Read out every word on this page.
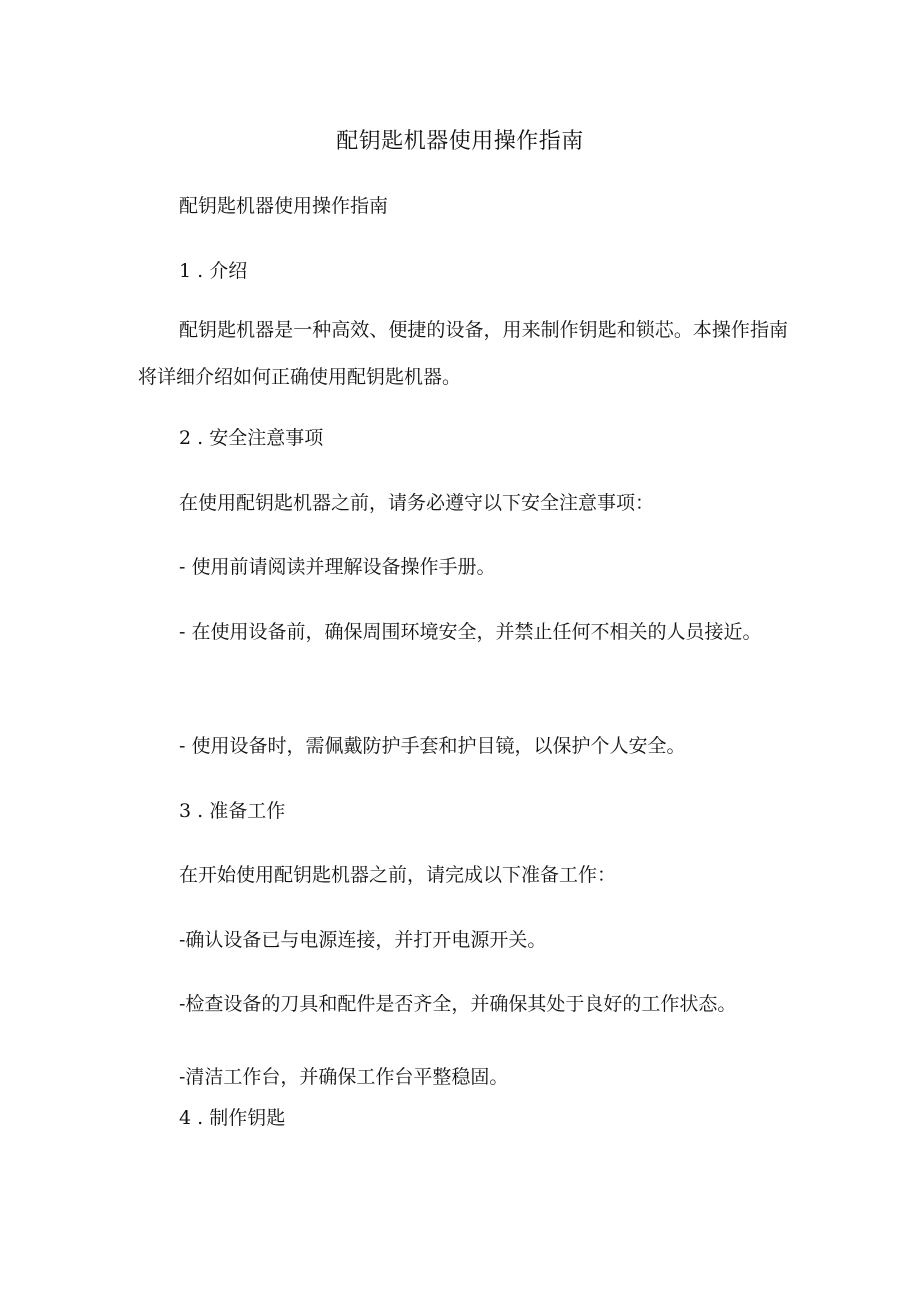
配钥匙机器使用操作指南

配钥匙机器使用操作指南

1 . 介绍

配钥匙机器是一种高效、便捷的设备，用来制作钥匙和锁芯。本操作指南将详细介绍如何正确使用配钥匙机器。

2 . 安全注意事项

在使用配钥匙机器之前，请务必遵守以下安全注意事项：

- 使用前请阅读并理解设备操作手册。

- 在使用设备前，确保周围环境安全，并禁止任何不相关的人员接近。

- 使用设备时，需佩戴防护手套和护目镜，以保护个人安全。

3 . 准备工作

在开始使用配钥匙机器之前，请完成以下准备工作：

-确认设备已与电源连接，并打开电源开关。

-检查设备的刀具和配件是否齐全，并确保其处于良好的工作状态。

-清洁工作台，并确保工作台平整稳固。

4 . 制作钥匙
